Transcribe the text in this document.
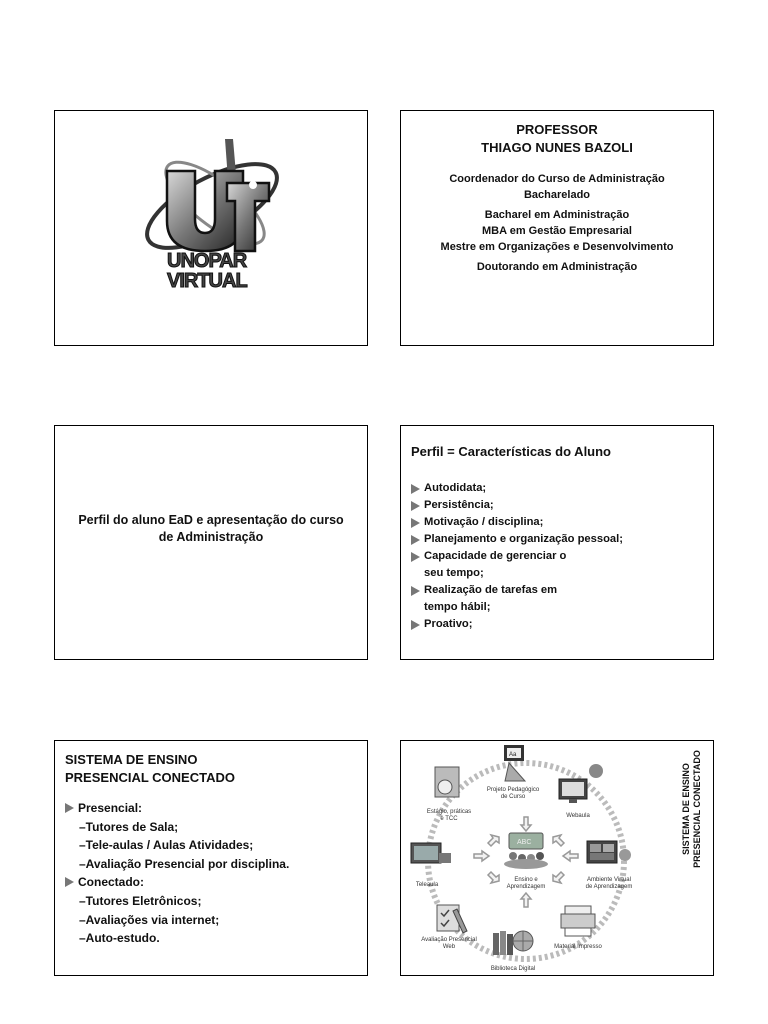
UNOPAR
VIRTUAL
PROFESSOR
THIAGO NUNES BAZOLI
Coordenador do Curso de Administração
Bacharelado
Bacharel em Administração
MBA em Gestão Empresarial
Mestre em Organizações e Desenvolvimento
Doutorando em Administração
Perfil do aluno EaD e apresentação do curso
de Administração
Perfil = Características do Aluno
Autodidata;
Persistência;
Motivação / disciplina;
Planejamento e organização pessoal;
Capacidade de gerenciar o
seu tempo;
Realização de tarefas em
tempo hábil;
Proativo;
SISTEMA DE ENSINO
PRESENCIAL CONECTADO
Presencial:
–Tutores de Sala;
–Tele-aulas / Aulas Atividades;
–Avaliação Presencial por disciplina.
Conectado:
–Tutores Eletrônicos;
–Avaliações via internet;
–Auto-estudo.
ABC
Ensino e
Aprendizagem
Aa
Projeto Pedagógico
de Curso
Webaula
Estágio, práticas
e TCC
Ambiente Virtual
de Aprendizagem
Teleaula
Material Impresso
Avaliação Presencial
Web
Biblioteca Digital
SISTEMA DE ENSINO PRESENCIAL CONECTADO
